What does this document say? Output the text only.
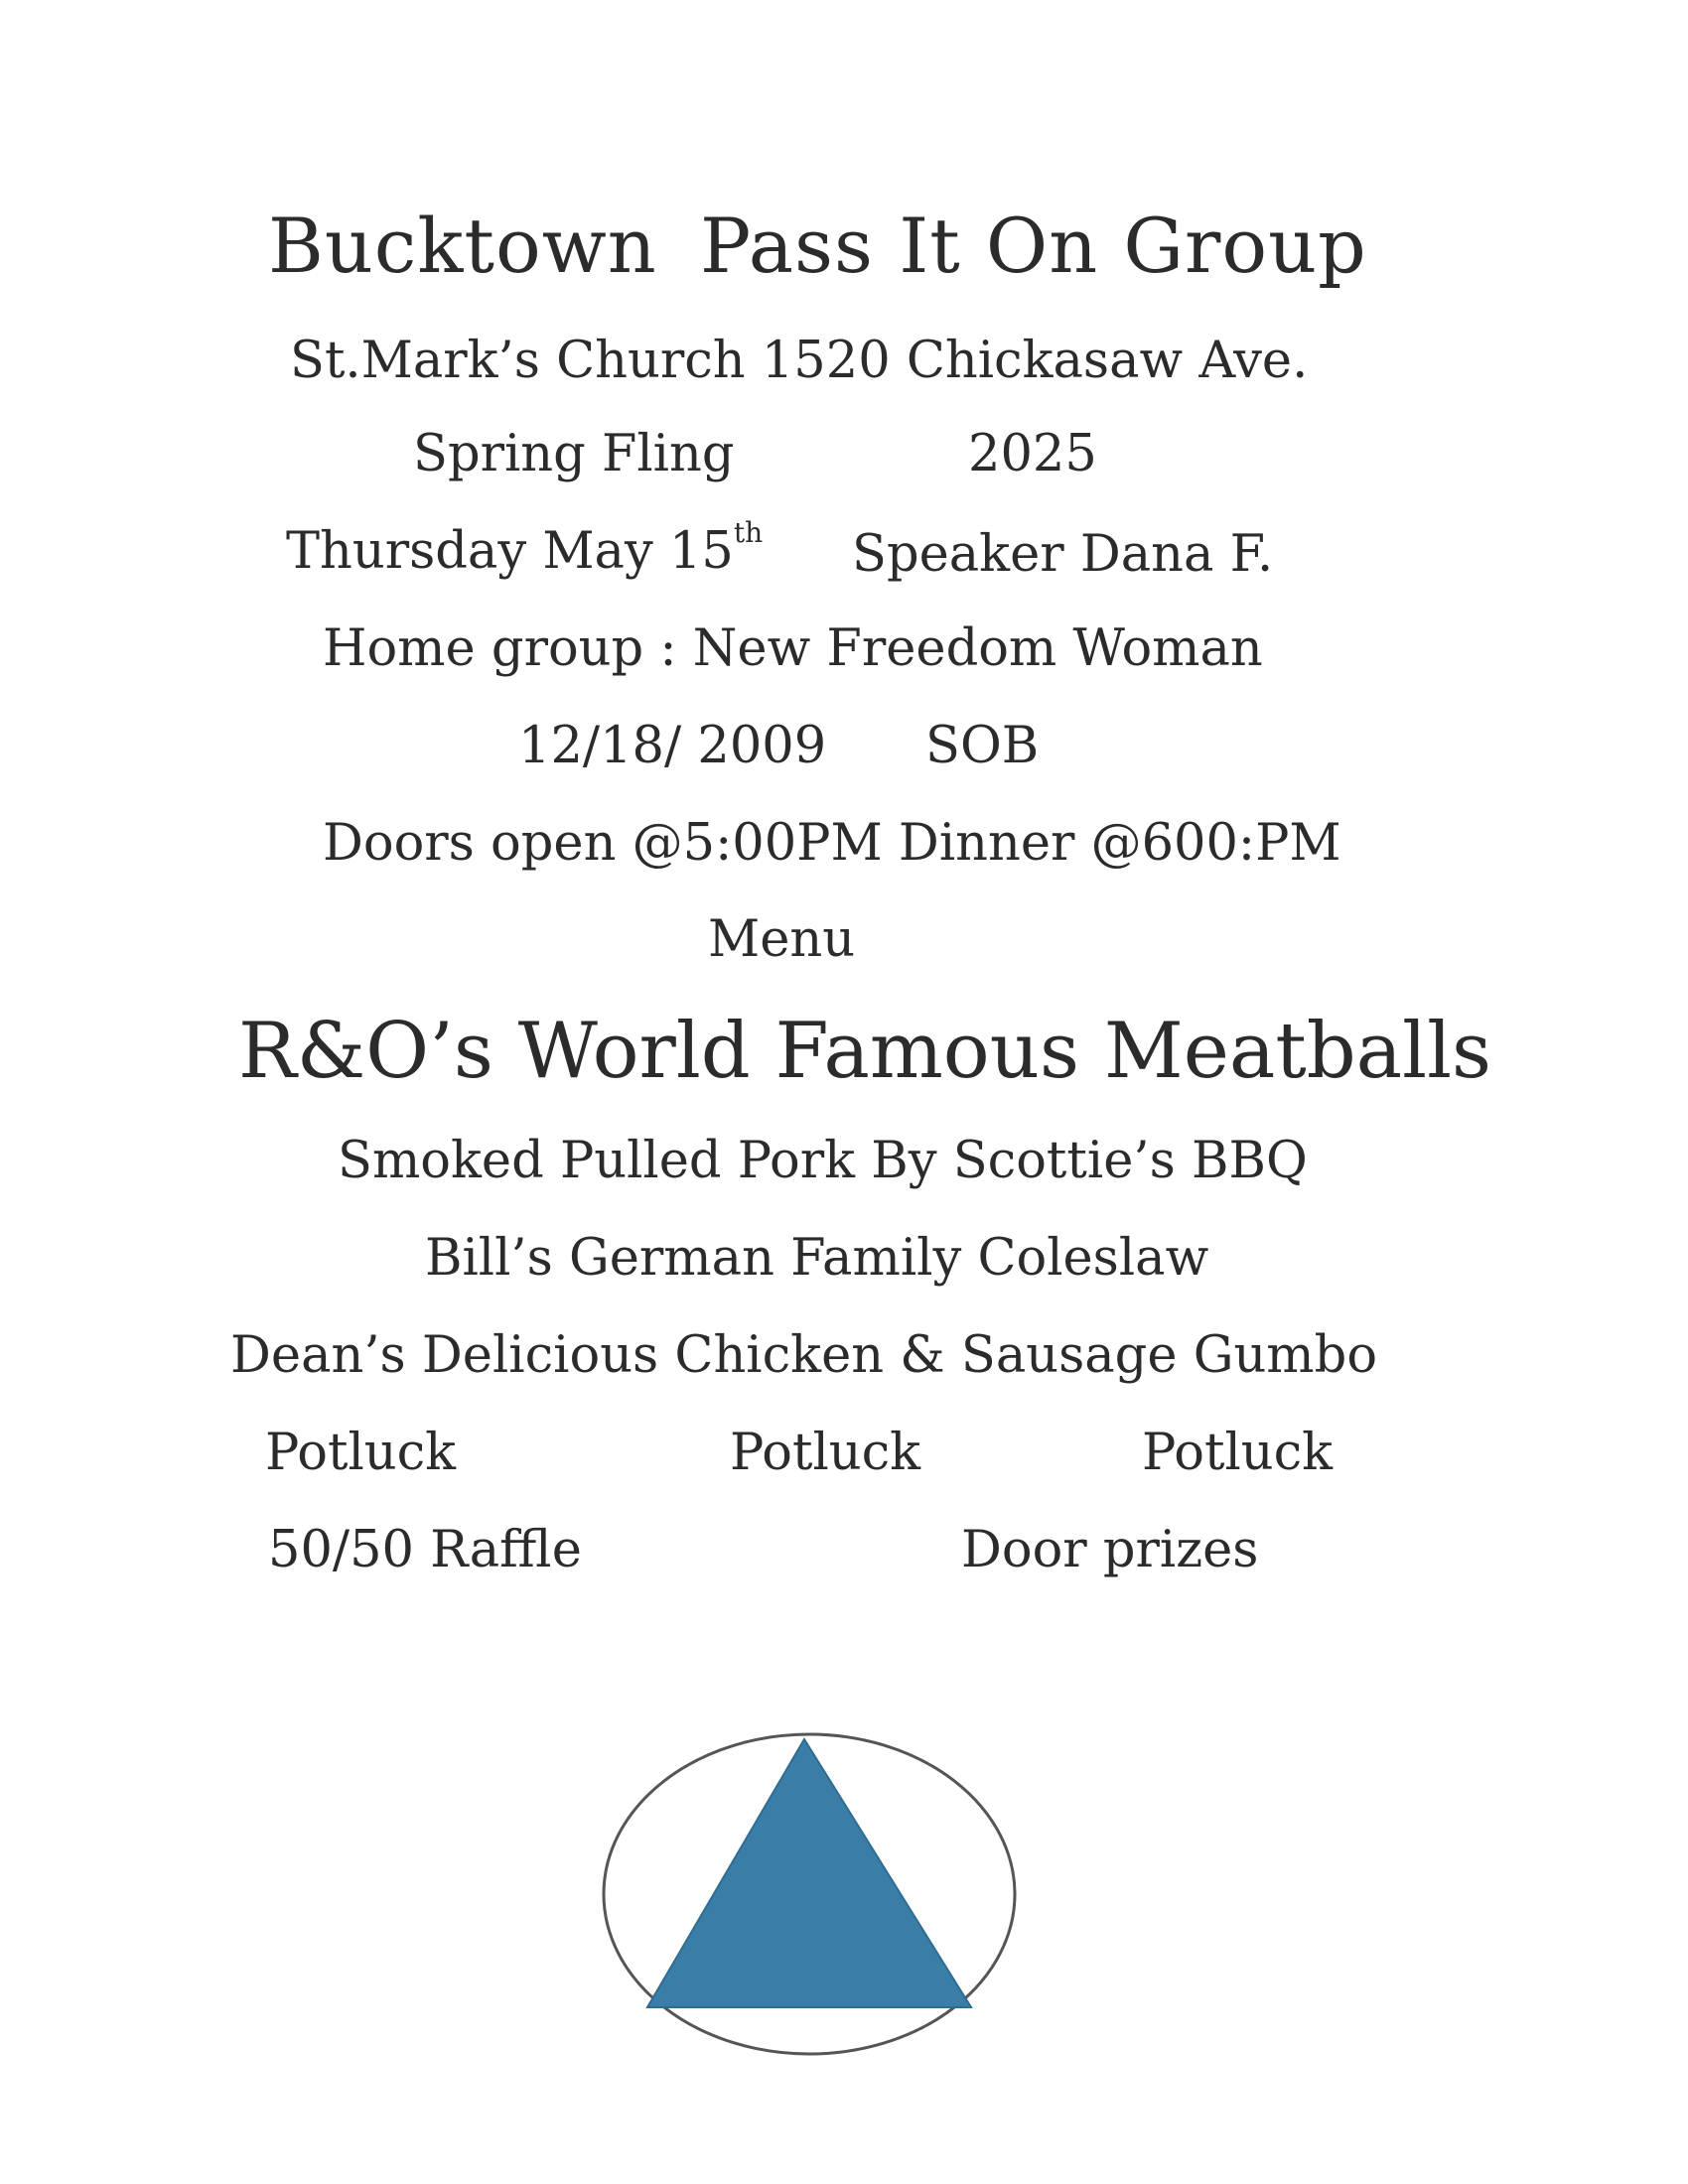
Bucktown Pass It On Group
St.Mark’s Church 1520 Chickasaw Ave.
Spring Fling	2025
Thursday May 15th Speaker Dana F.
Home group : New Freedom Woman
12/18/ 2009 SOB
Doors open @5:00PM Dinner @600:PM
Menu
R&O’s World Famous Meatballs
Smoked Pulled Pork By Scottie’s BBQ
Bill’s German Family Coleslaw
Dean’s Delicious Chicken & Sausage Gumbo
Potluck	Potluck	Potluck
50/50 Raffle	Door prizes
